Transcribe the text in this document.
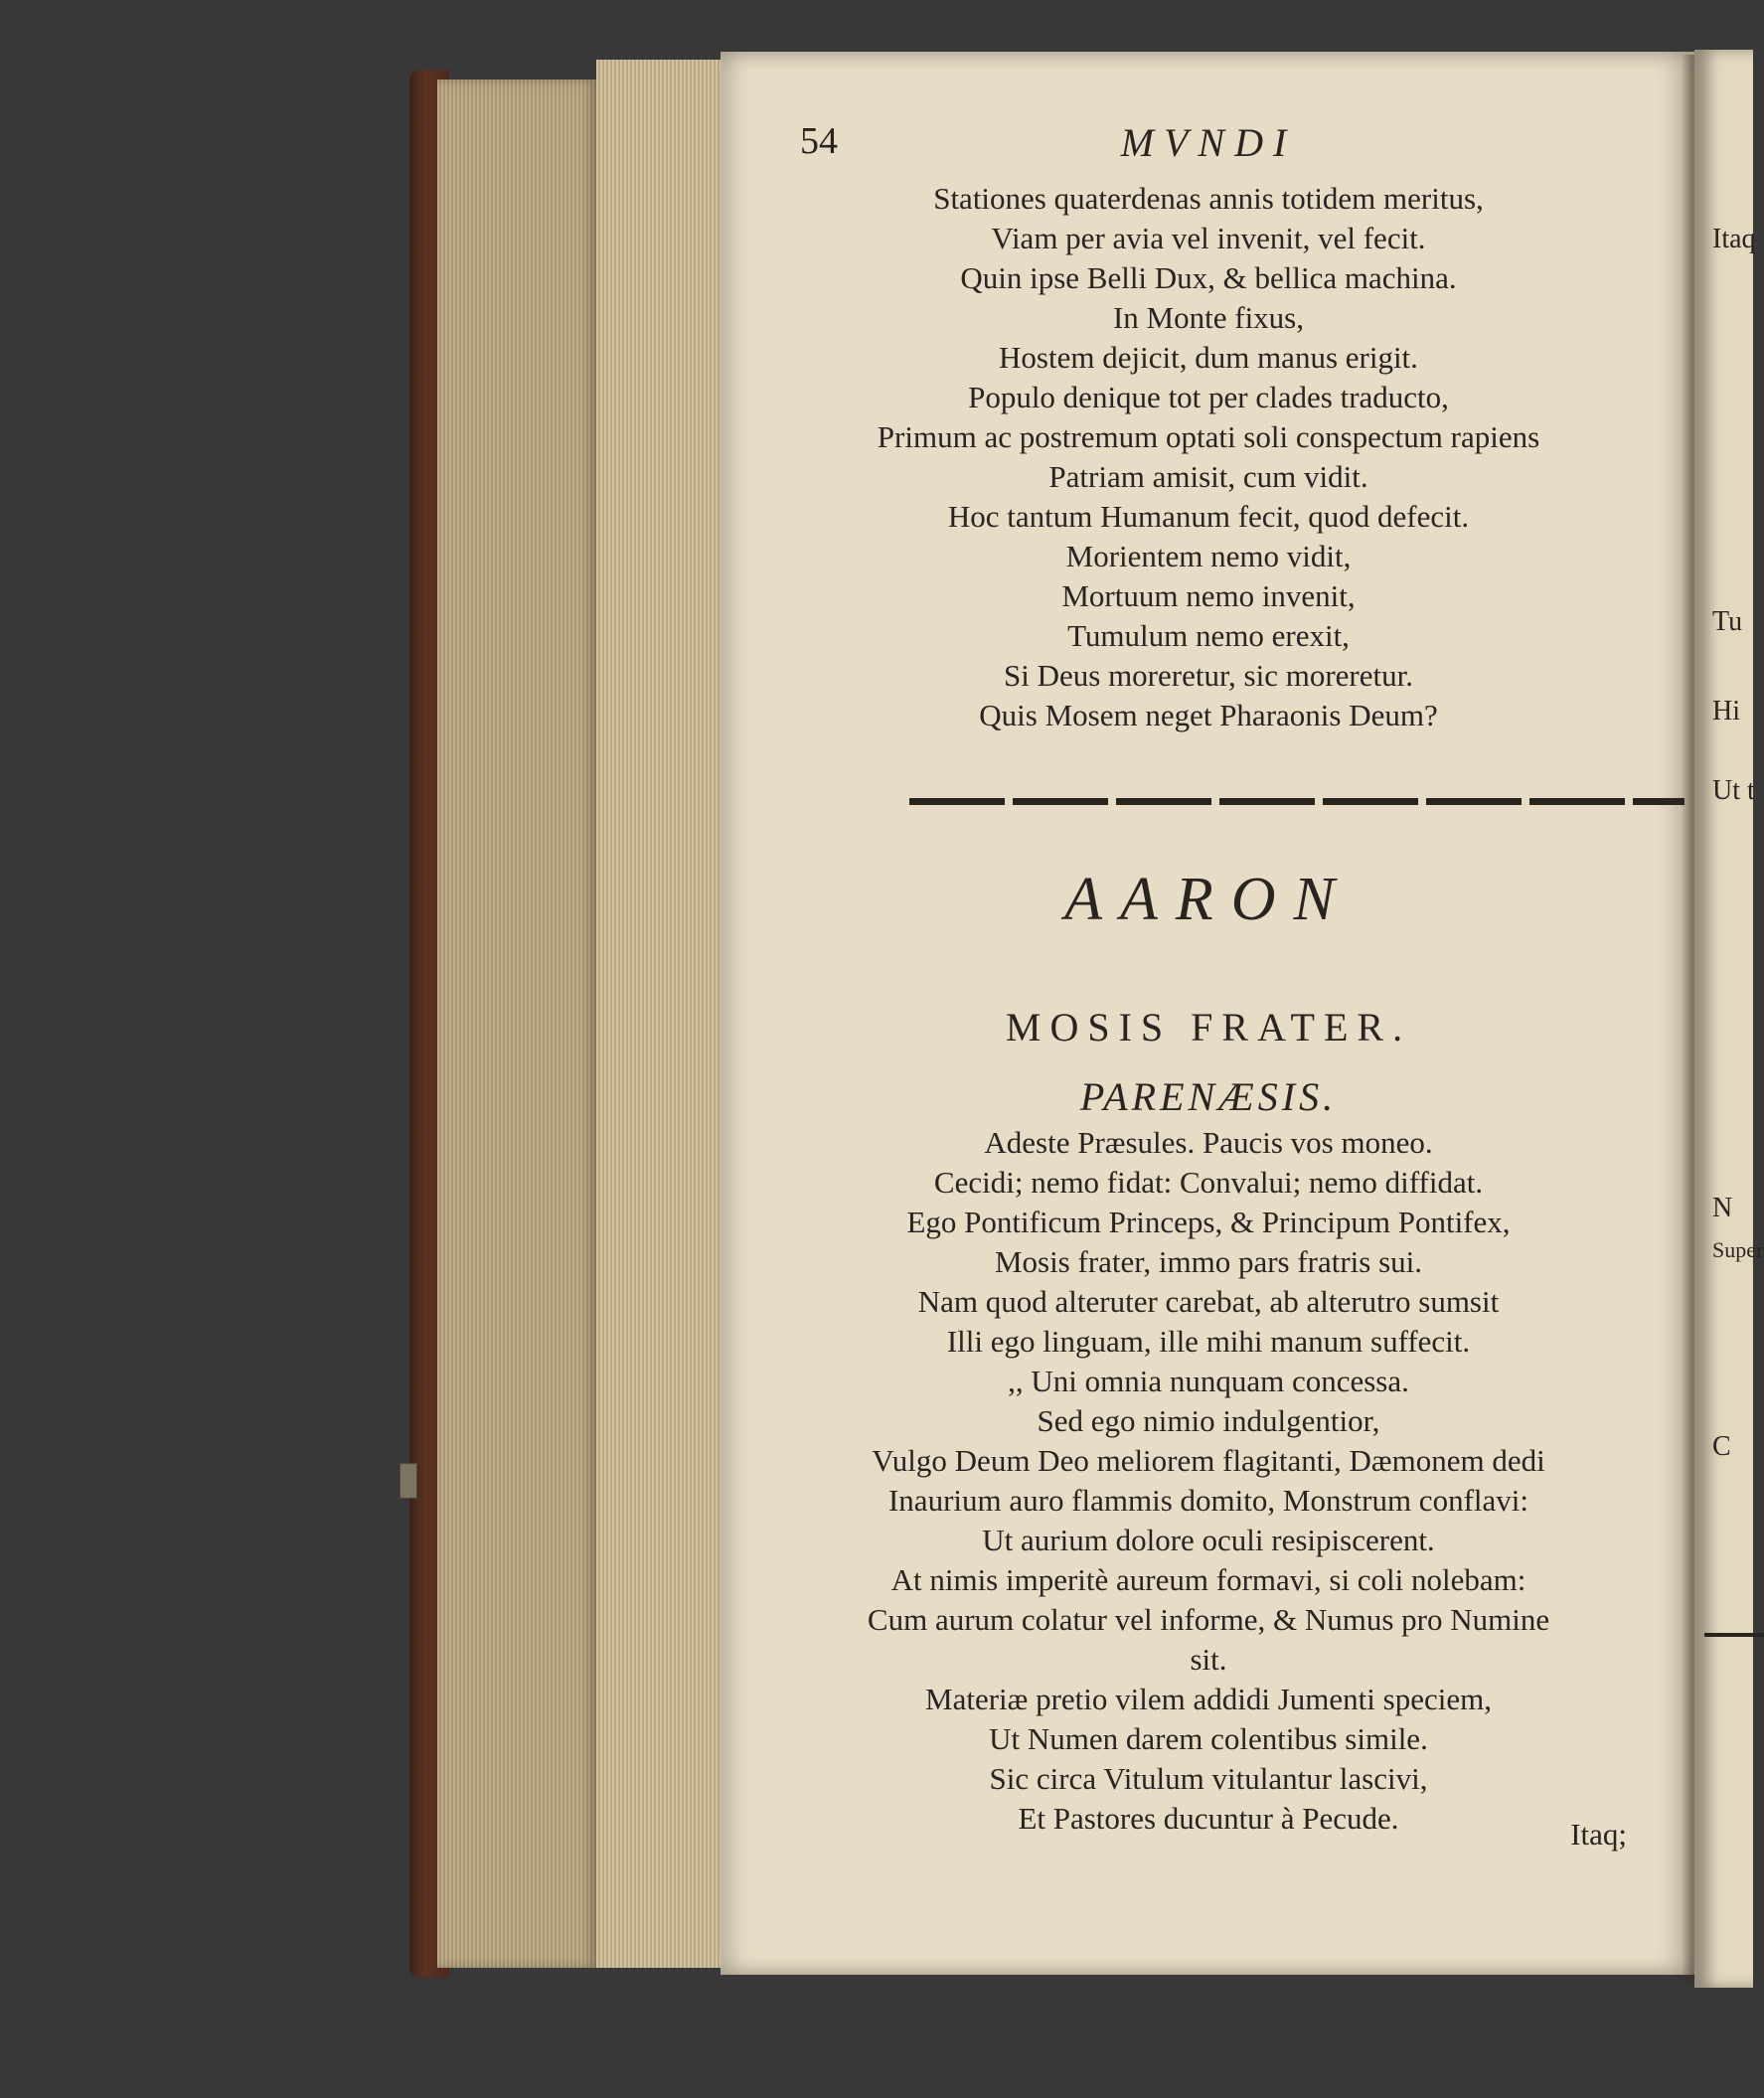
54	MVNDI
Stationes quaterdenas annis totidem meritus,
Viam per avia vel invenit, vel fecit.
Quin ipse Belli Dux, & bellica machina.
In Monte fixus,
Hostem dejicit, dum manus erigit.
Populo denique tot per clades traducto,
Primum ac postremum optati soli conspectum rapiens
Patriam amisit, cum vidit.
Hoc tantum Humanum fecit, quod defecit.
Morientem nemo vidit,
Mortuum nemo invenit,
Tumulum nemo erexit,
Si Deus moreretur, sic moreretur.
Quis Mosem neget Pharaonis Deum?
AARON
MOSIS FRATER.
PARENÆSIS.
Adeste Præsules. Paucis vos moneo.
Cecidi; nemo fidat: Convalui; nemo diffidat.
Ego Pontificum Princeps, & Principum Pontifex,
Mosis frater, immo pars fratris sui.
Nam quod alteruter carebat, ab alterutro sumsit
Illi ego linguam, ille mihi manum suffecit.
,, Uni omnia nunquam concessa.
Sed ego nimio indulgentior,
Vulgo Deum Deo meliorem flagitanti, Dæmonem dedi
Inaurium auro flammis domito, Monstrum conflavi:
Ut aurium dolore oculi resipiscerent.
At nimis imperitè aureum formavi, si coli nolebam:
Cum aurum colatur vel informe, & Numus pro Numine
sit.
Materiæ pretio vilem addidi Jumenti speciem,
Ut Numen darem colentibus simile.
Sic circa Vitulum vitulantur lascivi,
Et Pastores ducuntur à Pecude.	Itaq;
Itaq
Tu
Hi
Ut t
N
Super
C
